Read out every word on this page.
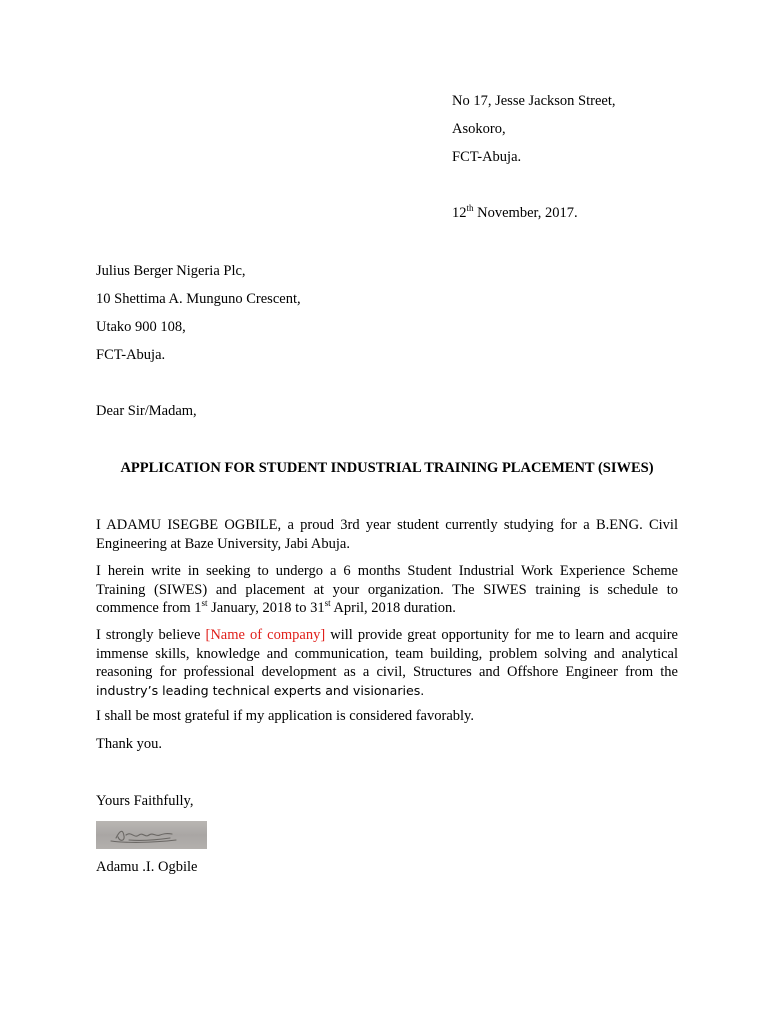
No 17, Jesse Jackson Street,
Asokoro,
FCT-Abuja.
12th November, 2017.
Julius Berger Nigeria Plc,
10 Shettima A. Munguno Crescent,
Utako 900 108,
FCT-Abuja.
Dear Sir/Madam,
APPLICATION FOR STUDENT INDUSTRIAL TRAINING PLACEMENT (SIWES)
I ADAMU ISEGBE OGBILE, a proud 3rd year student currently studying for a B.ENG. Civil
Engineering at Baze University, Jabi Abuja.
I herein write in seeking to undergo a 6 months Student Industrial Work Experience Scheme
Training (SIWES) and placement at your organization. The SIWES training is schedule to
commence from 1st January, 2018 to 31st April, 2018 duration.
I strongly believe [Name of company] will provide great opportunity for me to learn and acquire
immense skills, knowledge and communication, team building, problem solving and analytical
reasoning for professional development as a civil, Structures and Offshore Engineer from the
industry’s leading technical experts and visionaries.
I shall be most grateful if my application is considered favorably.
Thank you.
Yours Faithfully,
Adamu .I. Ogbile
